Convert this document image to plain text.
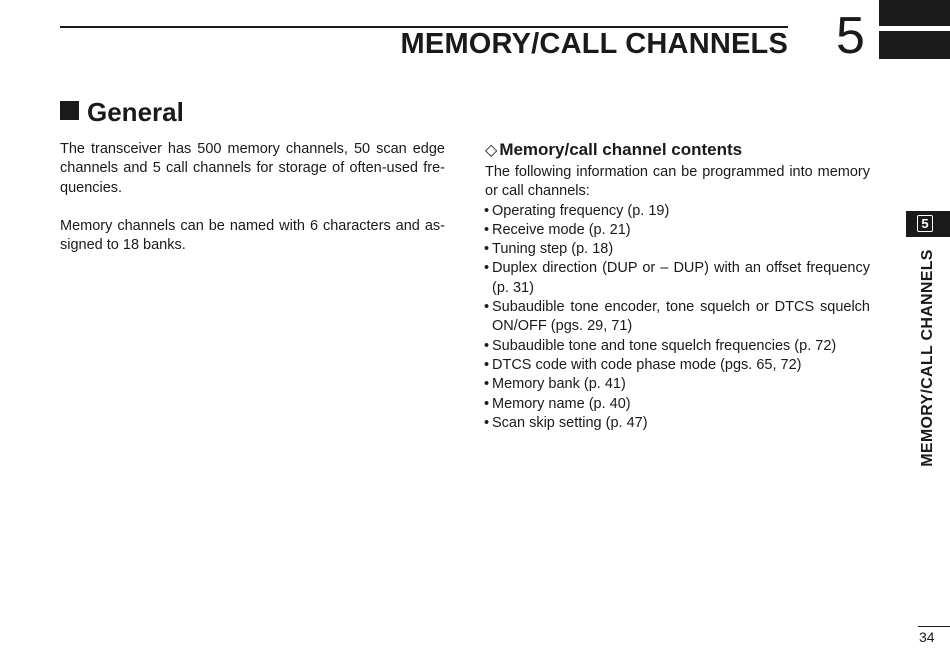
MEMORY/CALL CHANNELS 5
General

The transceiver has 500 memory channels, 50 scan edge channels and 5 call channels for storage of often-used fre-quencies.

Memory channels can be named with 6 characters and as-signed to 18 banks.

◇ Memory/call channel contents

The following information can be programmed into memory or call channels:

• Operating frequency (p. 19)
• Receive mode (p. 21)
• Tuning step (p. 18)
• Duplex direction (DUP or – DUP) with an offset frequency (p. 31)
• Subaudible tone encoder, tone squelch or DTCS squelch ON/OFF (pgs. 29, 71)
• Subaudible tone and tone squelch frequencies (p. 72)
• DTCS code with code phase mode (pgs. 65, 72)
• Memory bank (p. 41)
• Memory name (p. 40)
• Scan skip setting (p. 47)
5
MEMORY/CALL CHANNELS
34
